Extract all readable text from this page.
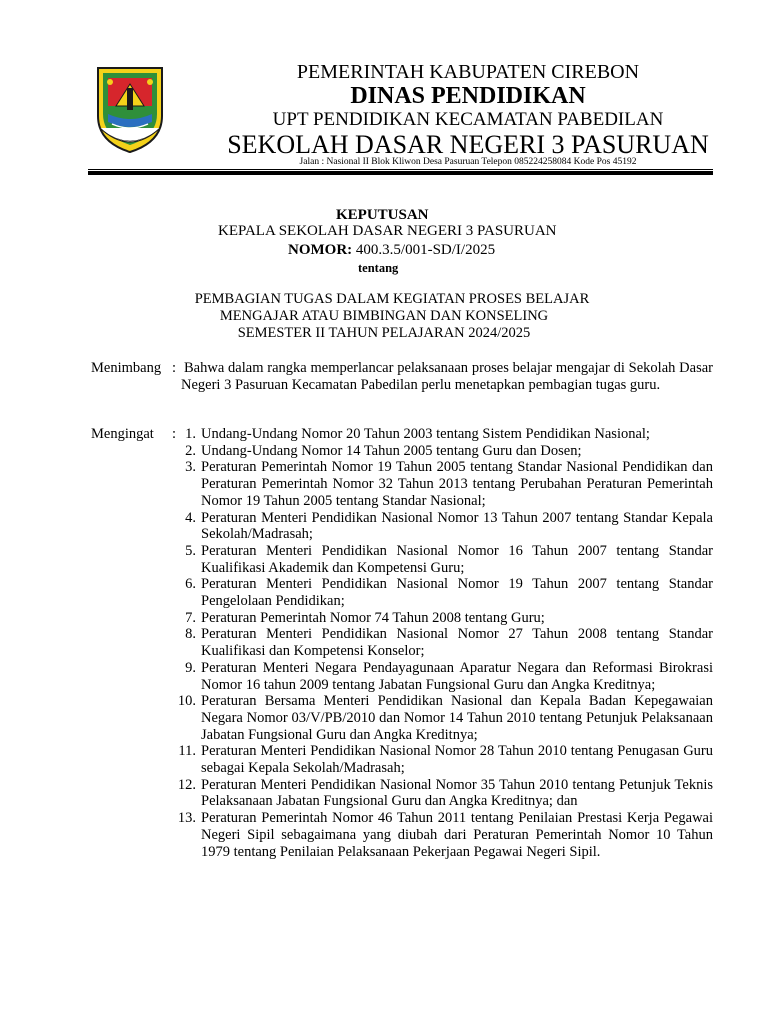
PEMERINTAH KABUPATEN CIREBON
DINAS PENDIDIKAN
UPT PENDIDIKAN KECAMATAN PABEDILAN
SEKOLAH DASAR NEGERI 3 PASURUAN
Jalan : Nasional II Blok Kliwon Desa Pasuruan Telepon 085224258084 Kode Pos 45192
KEPUTUSAN
KEPALA SEKOLAH DASAR NEGERI 3 PASURUAN
NOMOR: 400.3.5/001-SD/I/2025
tentang
PEMBAGIAN TUGAS DALAM KEGIATAN PROSES BELAJAR
MENGAJAR ATAU BIMBINGAN DAN KONSELING
SEMESTER II TAHUN PELAJARAN 2024/2025
Menimbang : Bahwa dalam rangka memperlancar pelaksanaan proses belajar mengajar di Sekolah Dasar Negeri 3 Pasuruan Kecamatan Pabedilan perlu menetapkan pembagian tugas guru.
Mengingat : 1. Undang-Undang Nomor 20 Tahun 2003 tentang Sistem Pendidikan Nasional;
2. Undang-Undang Nomor 14 Tahun 2005 tentang Guru dan Dosen;
3. Peraturan Pemerintah Nomor 19 Tahun 2005 tentang Standar Nasional Pendidikan dan Peraturan Pemerintah Nomor 32 Tahun 2013 tentang Perubahan Peraturan Pemerintah Nomor 19 Tahun 2005 tentang Standar Nasional;
4. Peraturan Menteri Pendidikan Nasional Nomor 13 Tahun 2007 tentang Standar Kepala Sekolah/Madrasah;
5. Peraturan Menteri Pendidikan Nasional Nomor 16 Tahun 2007 tentang Standar Kualifikasi Akademik dan Kompetensi Guru;
6. Peraturan Menteri Pendidikan Nasional Nomor 19 Tahun 2007 tentang Standar Pengelolaan Pendidikan;
7. Peraturan Pemerintah Nomor 74 Tahun 2008 tentang Guru;
8. Peraturan Menteri Pendidikan Nasional Nomor 27 Tahun 2008 tentang Standar Kualifikasi dan Kompetensi Konselor;
9. Peraturan Menteri Negara Pendayagunaan Aparatur Negara dan Reformasi Birokrasi Nomor 16 tahun 2009 tentang Jabatan Fungsional Guru dan Angka Kreditnya;
10. Peraturan Bersama Menteri Pendidikan Nasional dan Kepala Badan Kepegawaian Negara Nomor 03/V/PB/2010 dan Nomor 14 Tahun 2010 tentang Petunjuk Pelaksanaan Jabatan Fungsional Guru dan Angka Kreditnya;
11. Peraturan Menteri Pendidikan Nasional Nomor 28 Tahun 2010 tentang Penugasan Guru sebagai Kepala Sekolah/Madrasah;
12. Peraturan Menteri Pendidikan Nasional Nomor 35 Tahun 2010 tentang Petunjuk Teknis Pelaksanaan Jabatan Fungsional Guru dan Angka Kreditnya; dan
13. Peraturan Pemerintah Nomor 46 Tahun 2011 tentang Penilaian Prestasi Kerja Pegawai Negeri Sipil sebagaimana yang diubah dari Peraturan Pemerintah Nomor 10 Tahun 1979 tentang Penilaian Pelaksanaan Pekerjaan Pegawai Negeri Sipil.
